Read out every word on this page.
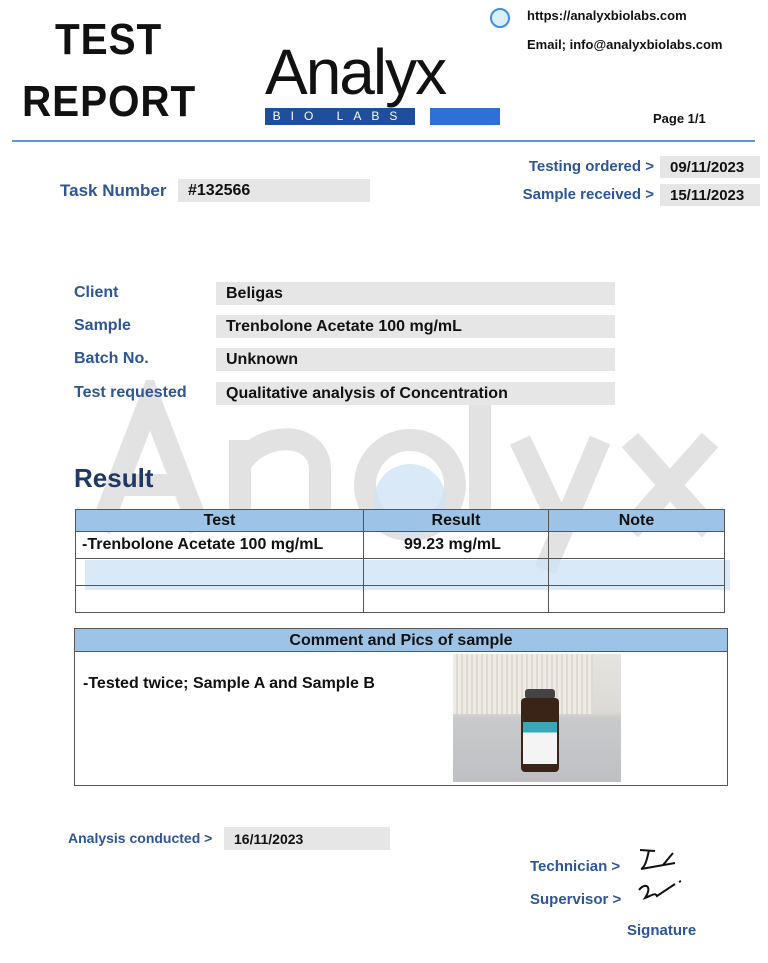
TEST
REPORT Analyx
BIO LABS
https://analyxbiolabs.com
Email; info@analyxbiolabs.com
Page 1/1
Testing ordered >	09/11/2023
Sample received >	15/11/2023
Task Number	#132566
Client	Beligas
Sample	Trenbolone Acetate 100 mg/mL
Batch No.	Unknown
Test requested	Qualitative analysis of Concentration
Result
Test	Result	Note
-Trenbolone Acetate 100 mg/mL	99.23 mg/mL	

Comment and Pics of sample
-Tested twice; Sample A and Sample B
Analysis conducted >	16/11/2023
Technician >
Supervisor >
Signature
